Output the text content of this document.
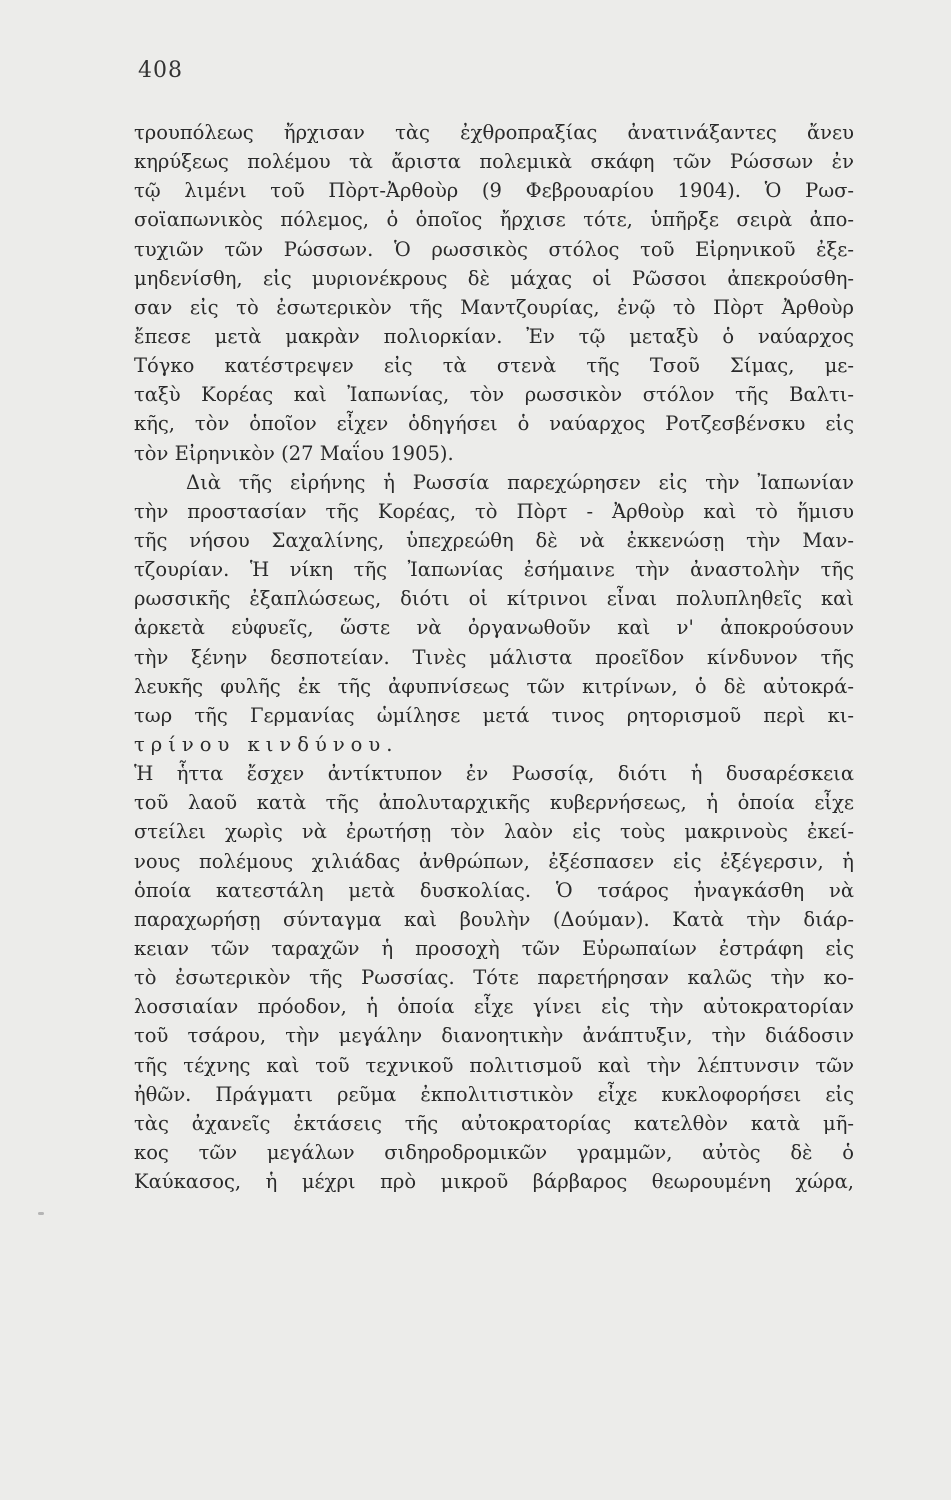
408
τρουπόλεως ἤρχισαν τὰς ἐχθροπραξίας ἀνατινάξαντες ἄνευ
κηρύξεως πολέμου τὰ ἄριστα πολεμικὰ σκάφη τῶν Ρώσσων ἐν
τῷ λιμένι τοῦ Πὸρτ-Ἀρθοὺρ (9 Φεβρουαρίου 1904). Ὁ Ρωσ-
σοϊαπωνικὸς πόλεμος, ὁ ὁποῖος ἤρχισε τότε, ὑπῆρξε σειρὰ ἀπο-
τυχιῶν τῶν Ρώσσων. Ὁ ρωσσικὸς στόλος τοῦ Εἰρηνικοῦ ἐξε-
μηδενίσθη, εἰς μυριονέκρους δὲ μάχας οἱ Ρῶσσοι ἀπεκρούσθη-
σαν εἰς τὸ ἐσωτερικὸν τῆς Μαντζουρίας, ἐνῷ τὸ Πὸρτ Ἀρθοὺρ
ἔπεσε μετὰ μακρὰν πολιορκίαν. Ἐν τῷ μεταξὺ ὁ ναύαρχος
Τόγκο κατέστρεψεν εἰς τὰ στενὰ τῆς Τσοῦ Σίμας, με-
ταξὺ Κορέας καὶ Ἰαπωνίας, τὸν ρωσσικὸν στόλον τῆς Βαλτι-
κῆς, τὸν ὁποῖον εἶχεν ὁδηγήσει ὁ ναύαρχος Ροτζεσβένσκυ εἰς
τὸν Εἰρηνικὸν (27 Μαΐου 1905).
Διὰ τῆς εἰρήνης ἡ Ρωσσία παρεχώρησεν εἰς τὴν Ἰαπωνίαν
τὴν προστασίαν τῆς Κορέας, τὸ Πὸρτ - Ἀρθοὺρ καὶ τὸ ἥμισυ
τῆς νήσου Σαχαλίνης, ὑπεχρεώθη δὲ νὰ ἐκκενώσῃ τὴν Μαν-
τζουρίαν. Ἡ νίκη τῆς Ἰαπωνίας ἐσήμαινε τὴν ἀναστολὴν τῆς
ρωσσικῆς ἐξαπλώσεως, διότι οἱ κίτρινοι εἶναι πολυπληθεῖς καὶ
ἀρκετὰ εὐφυεῖς, ὥστε νὰ ὀργανωθοῦν καὶ ν' ἀποκρούσουν
τὴν ξένην δεσποτείαν. Τινὲς μάλιστα προεῖδον κίνδυνον τῆς
λευκῆς φυλῆς ἐκ τῆς ἀφυπνίσεως τῶν κιτρίνων, ὁ δὲ αὐτοκρά-
τωρ τῆς Γερμανίας ὡμίλησε μετά τινος ρητορισμοῦ περὶ κι-
τρίνου κινδύνου.
Ἡ ἧττα ἔσχεν ἀντίκτυπον ἐν Ρωσσίᾳ, διότι ἡ δυσαρέσκεια
τοῦ λαοῦ κατὰ τῆς ἀπολυταρχικῆς κυβερνήσεως, ἡ ὁποία εἶχε
στείλει χωρὶς νὰ ἐρωτήσῃ τὸν λαὸν εἰς τοὺς μακρινοὺς ἐκεί-
νους πολέμους χιλιάδας ἀνθρώπων, ἐξέσπασεν εἰς ἐξέγερσιν, ἡ
ὁποία κατεστάλη μετὰ δυσκολίας. Ὁ τσάρος ἠναγκάσθη νὰ
παραχωρήσῃ σύνταγμα καὶ βουλὴν (Δούμαν). Κατὰ τὴν διάρ-
κειαν τῶν ταραχῶν ἡ προσοχὴ τῶν Εὐρωπαίων ἐστράφη εἰς
τὸ ἐσωτερικὸν τῆς Ρωσσίας. Τότε παρετήρησαν καλῶς τὴν κο-
λοσσιαίαν πρόοδον, ἡ ὁποία εἶχε γίνει εἰς τὴν αὐτοκρατορίαν
τοῦ τσάρου, τὴν μεγάλην διανοητικὴν ἀνάπτυξιν, τὴν διάδοσιν
τῆς τέχνης καὶ τοῦ τεχνικοῦ πολιτισμοῦ καὶ τὴν λέπτυνσιν τῶν
ἠθῶν. Πράγματι ρεῦμα ἐκπολιτιστικὸν εἶχε κυκλοφορήσει εἰς
τὰς ἀχανεῖς ἐκτάσεις τῆς αὐτοκρατορίας κατελθὸν κατὰ μῆ-
κος τῶν μεγάλων σιδηροδρομικῶν γραμμῶν, αὐτὸς δὲ ὁ
Καύκασος, ἡ μέχρι πρὸ μικροῦ βάρβαρος θεωρουμένη χώρα,
